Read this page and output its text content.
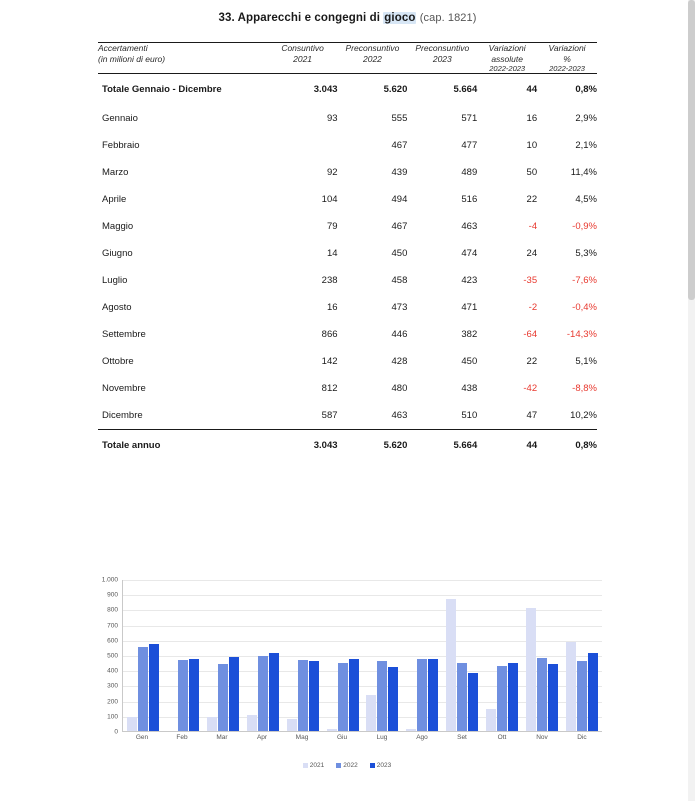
33. Apparecchi e congegni di gioco (cap. 1821)

Accertamenti	Consuntivo	Preconsuntivo	Preconsuntivo	Variazioni	Variazioni
(in milioni di euro)	2021	2022	2023	assolute	%
				2022-2023	2022-2023

Totale Gennaio - Dicembre	3.043	5.620	5.664	44	0,8%
Gennaio	93	555	571	16	2,9%
Febbraio		467	477	10	2,1%
Marzo	92	439	489	50	11,4%
Aprile	104	494	516	22	4,5%
Maggio	79	467	463	-4	-0,9%
Giugno	14	450	474	24	5,3%
Luglio	238	458	423	-35	-7,6%
Agosto	16	473	471	-2	-0,4%
Settembre	866	446	382	-64	-14,3%
Ottobre	142	428	450	22	5,1%
Novembre	812	480	438	-42	-8,8%
Dicembre	587	463	510	47	10,2%
Totale annuo	3.043	5.620	5.664	44	0,8%
1.000
900
800
700
600
500
400
300
200
100
0
Gen	Feb	Mar	Apr	Mag	Giu	Lug	Ago	Set	Ott	Nov	Dic
2021	2022	2023
